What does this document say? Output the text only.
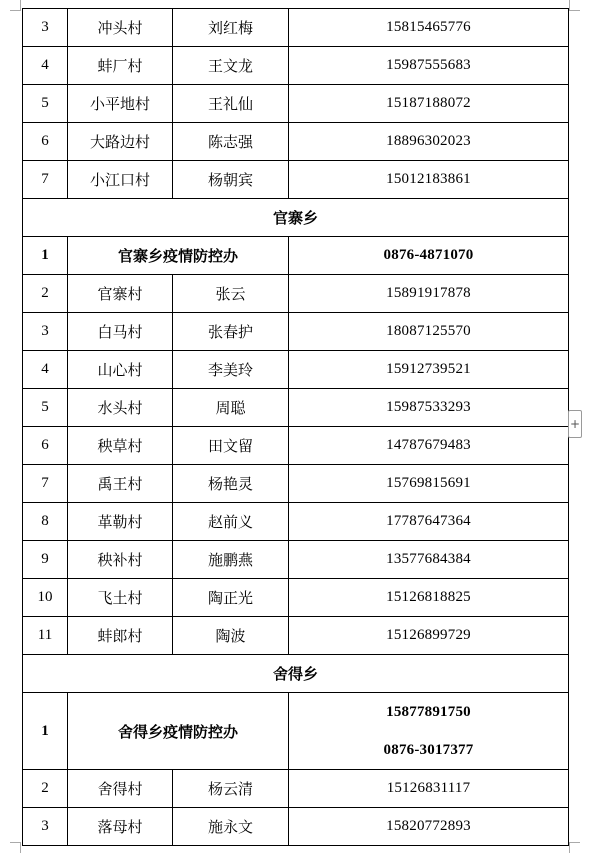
3	冲头村	刘红梅	15815465776
4	蚌厂村	王文龙	15987555683
5	小平地村	王礼仙	15187188072
6	大路边村	陈志强	18896302023
7	小江口村	杨朝宾	15012183861
官寨乡			
1	官寨乡疫情防控办		0876-4871070
2	官寨村	张云	15891917878
3	白马村	张春护	18087125570
4	山心村	李美玲	15912739521
5	水头村	周聪	15987533293
6	秧草村	田文留	14787679483
7	禹王村	杨艳灵	15769815691
8	革勒村	赵前义	17787647364
9	秧补村	施鹏燕	13577684384
10	飞土村	陶正光	15126818825
11	蚌郎村	陶波	15126899729
舍得乡			
1	舍得乡疫情防控办		15877891750
0876-3017377

2	舍得村	杨云清	15126831117
3	落母村	施永文	15820772893
+
